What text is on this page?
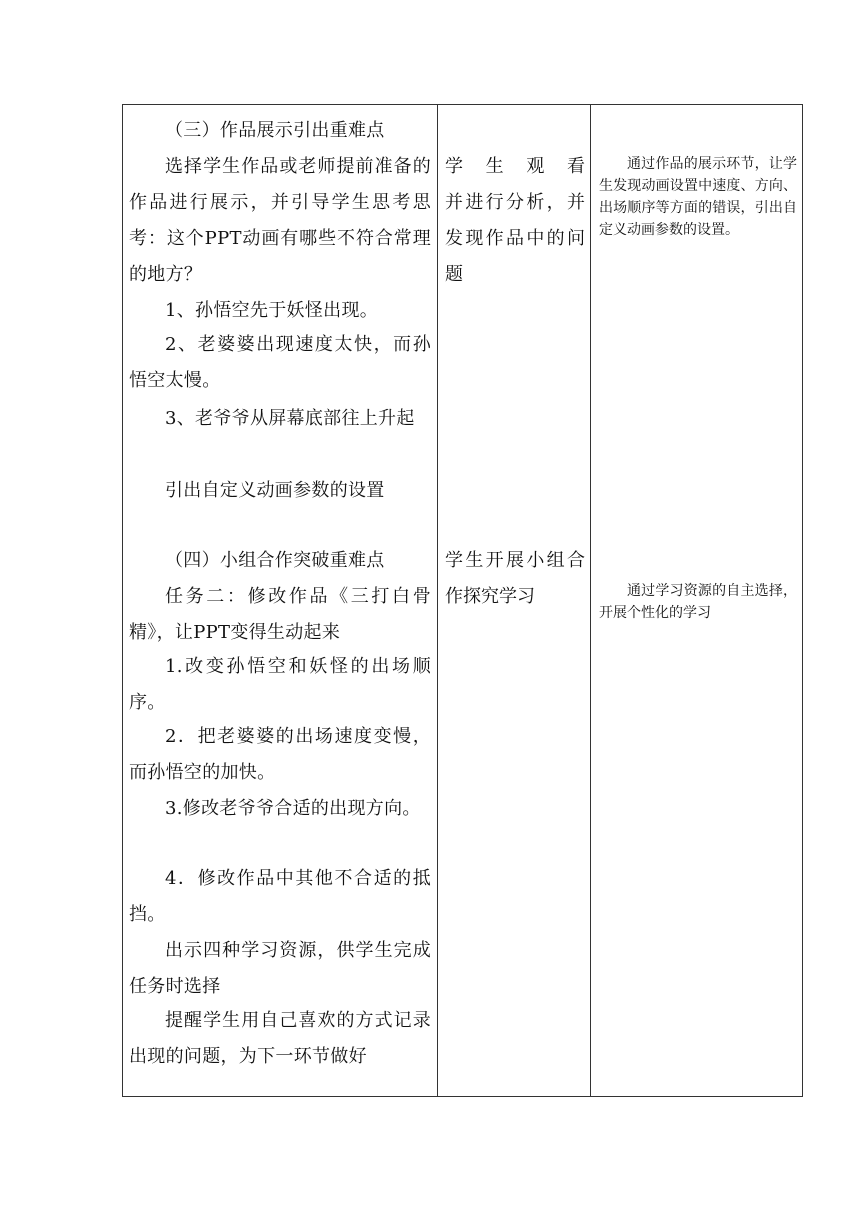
（三）作品展示引出重难点

选择学生作品或老师提前准备的作品进行展示，并引导学生思考思考：这个PPT动画有哪些不符合常理的地方？

1、孙悟空先于妖怪出现。

2、老婆婆出现速度太快，而孙悟空太慢。

3、老爷爷从屏幕底部往上升起

引出自定义动画参数的设置

（四）小组合作突破重难点

任务二：修改作品《三打白骨精》，让PPT变得生动起来

1.改变孙悟空和妖怪的出场顺序。

2．把老婆婆的出场速度变慢，而孙悟空的加快。

3.修改老爷爷合适的出现方向。

4．修改作品中其他不合适的抵挡。

出示四种学习资源，供学生完成任务时选择

提醒学生用自己喜欢的方式记录出现的问题，为下一环节做好

学生观看

并进行分析，并发现作品中的问题

学生开展小组合作探究学习

通过作品的展示环节，让学生发现动画设置中速度、方向、出场顺序等方面的错误，引出自定义动画参数的设置。

通过学习资源的自主选择，开展个性化的学习
